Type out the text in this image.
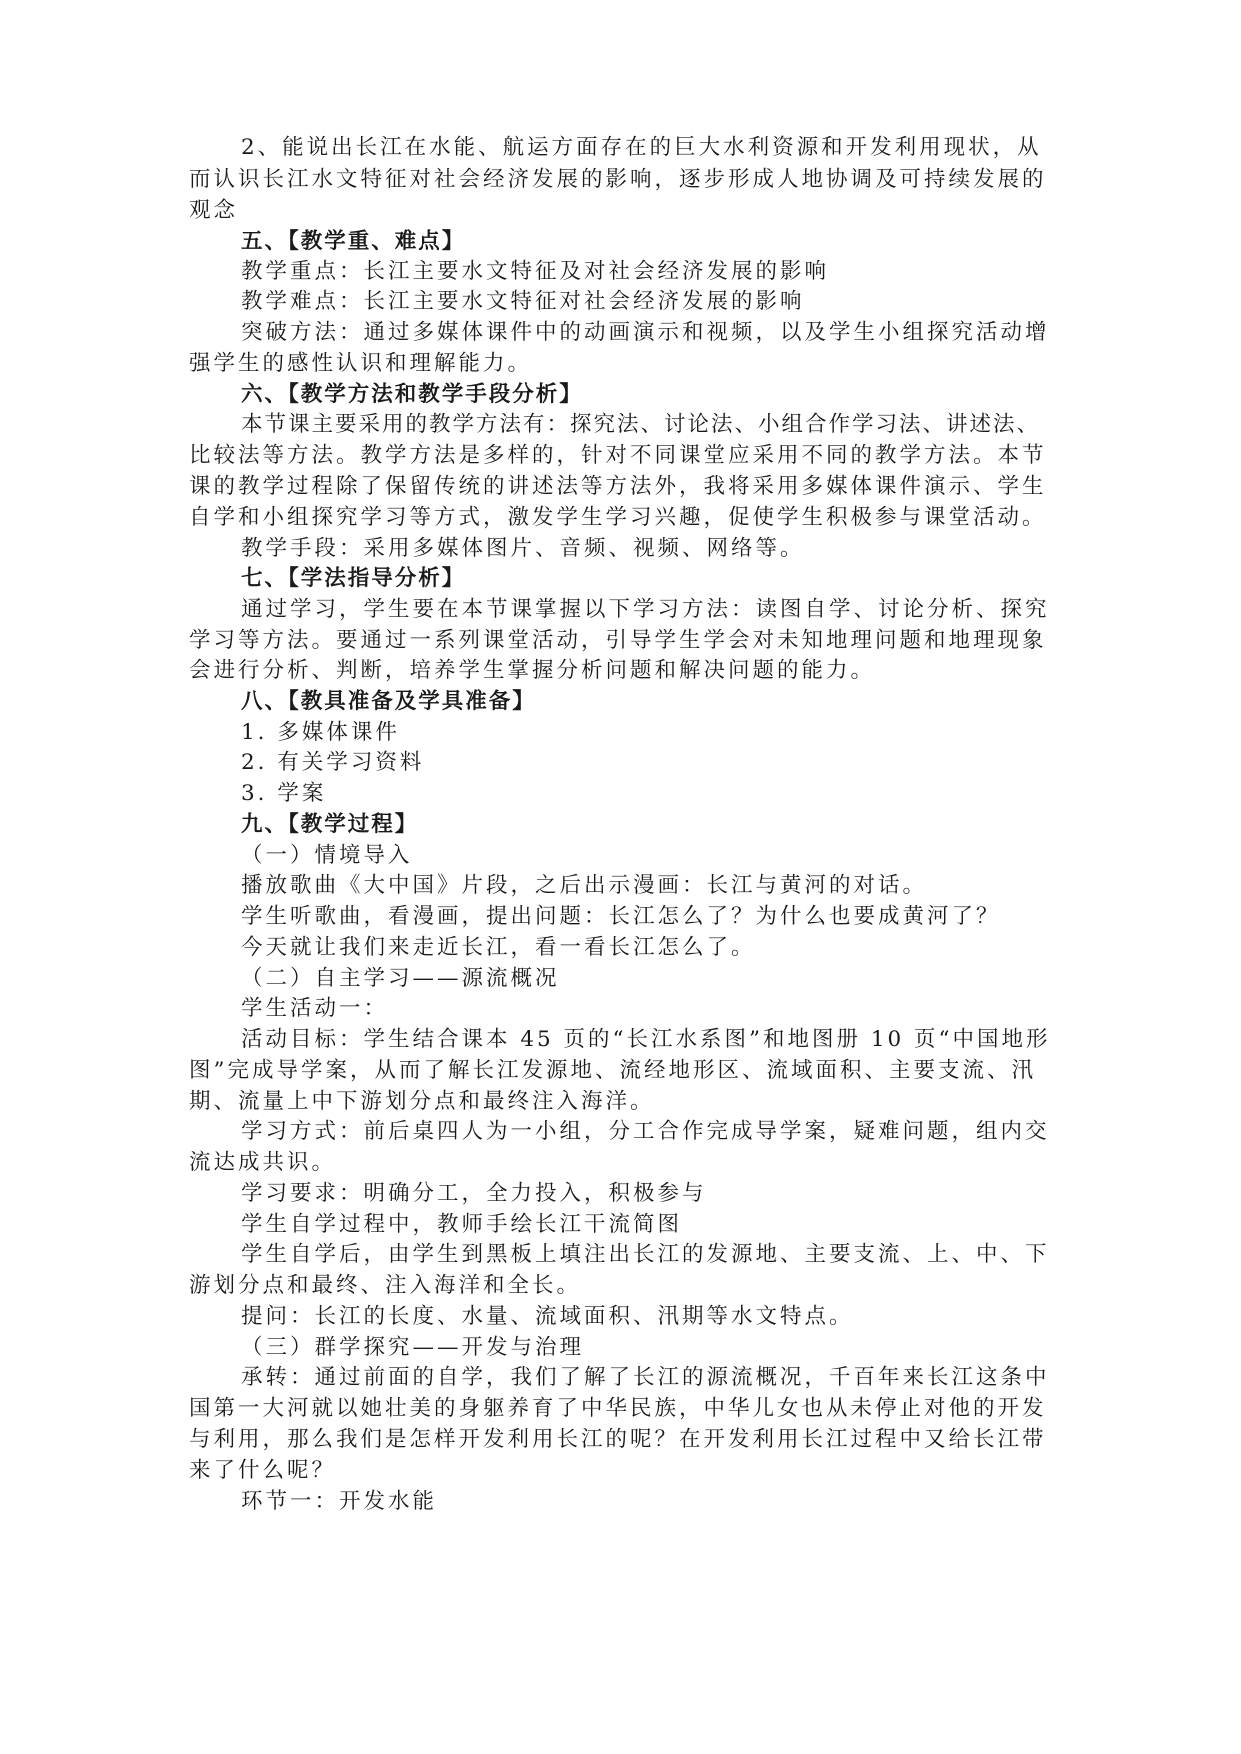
2、能说出长江在水能、航运方面存在的巨大水利资源和开发利用现状，从
而认识长江水文特征对社会经济发展的影响，逐步形成人地协调及可持续发展的
观念
五、【教学重、难点】
教学重点：长江主要水文特征及对社会经济发展的影响
教学难点：长江主要水文特征对社会经济发展的影响
突破方法：通过多媒体课件中的动画演示和视频，以及学生小组探究活动增
强学生的感性认识和理解能力。
六、【教学方法和教学手段分析】
本节课主要采用的教学方法有：探究法、讨论法、小组合作学习法、讲述法、
比较法等方法。教学方法是多样的，针对不同课堂应采用不同的教学方法。本节
课的教学过程除了保留传统的讲述法等方法外，我将采用多媒体课件演示、学生
自学和小组探究学习等方式，激发学生学习兴趣，促使学生积极参与课堂活动。
教学手段：采用多媒体图片、音频、视频、网络等。
七、【学法指导分析】
通过学习，学生要在本节课掌握以下学习方法：读图自学、讨论分析、探究
学习等方法。要通过一系列课堂活动，引导学生学会对未知地理问题和地理现象
会进行分析、判断，培养学生掌握分析问题和解决问题的能力。
八、【教具准备及学具准备】
1. 多媒体课件
2. 有关学习资料
3. 学案
九、【教学过程】
（一）情境导入
播放歌曲《大中国》片段，之后出示漫画：长江与黄河的对话。
学生听歌曲，看漫画，提出问题：长江怎么了？为什么也要成黄河了？
今天就让我们来走近长江，看一看长江怎么了。
（二）自主学习——源流概况
学生活动一：
活动目标：学生结合课本 45 页的“长江水系图”和地图册 10 页“中国地形
图”完成导学案，从而了解长江发源地、流经地形区、流域面积、主要支流、汛
期、流量上中下游划分点和最终注入海洋。
学习方式：前后桌四人为一小组，分工合作完成导学案，疑难问题，组内交
流达成共识。
学习要求：明确分工，全力投入，积极参与
学生自学过程中，教师手绘长江干流简图
学生自学后，由学生到黑板上填注出长江的发源地、主要支流、上、中、下
游划分点和最终、注入海洋和全长。
提问：长江的长度、水量、流域面积、汛期等水文特点。
（三）群学探究——开发与治理
承转：通过前面的自学，我们了解了长江的源流概况，千百年来长江这条中
国第一大河就以她壮美的身躯养育了中华民族，中华儿女也从未停止对他的开发
与利用，那么我们是怎样开发利用长江的呢？在开发利用长江过程中又给长江带
来了什么呢？
环节一：开发水能
